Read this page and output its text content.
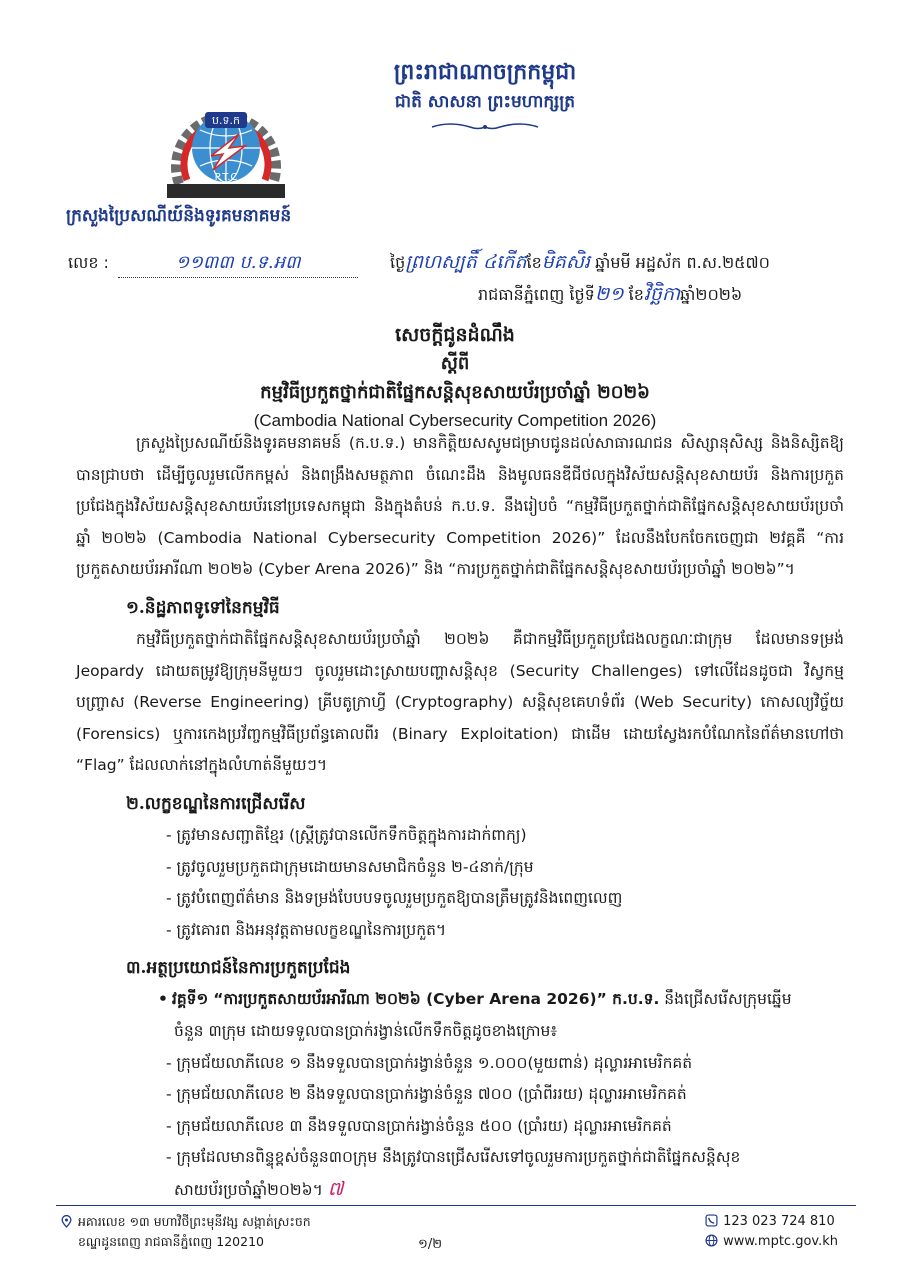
ប.ទ.ក
P.T.C
ព្រះរាជាណាចក្រកម្ពុជា
ជាតិ សាសនា ព្រះមហាក្សត្រ
ក្រសួងប្រៃសណីយ៍និងទូរគមនាគមន៍
លេខ :	១១៣៣ ប.ទ.អ៣	ថ្ងៃព្រហស្បតិ៍ ៤កើតខែមិគសិរ ឆ្នាំមមី អដ្ឋស័ក ព.ស.២៥៧០
រាជធានីភ្នំពេញ ថ្ងៃទី២១ ខែវិច្ឆិកាឆ្នាំ២០២៦
សេចក្ដីជូនដំណឹង
ស្ដីពី
កម្មវិធីប្រកួតថ្នាក់ជាតិផ្នែកសន្តិសុខសាយប័រប្រចាំឆ្នាំ ២០២៦
(Cambodia National Cybersecurity Competition 2026)

ក្រសួងប្រៃសណីយ៍និងទូរគមនាគមន៍ (ក.ប.ទ.) មានកិត្តិយសសូមជម្រាបជូនដល់សាធារណជន សិស្សានុសិស្ស និងនិស្សិតឱ្យបានជ្រាបថា ដើម្បីចូលរួមលើកកម្ពស់ និងពង្រឹងសមត្ថភាព ចំណេះដឹង និងមូលធនឌីជីថលក្នុងវិស័យសន្តិសុខសាយប័រ និងការប្រកួតប្រជែងក្នុងវិស័យសន្តិសុខសាយប័រនៅប្រទេសកម្ពុជា និងក្នុងតំបន់ ក.ប.ទ. នឹងរៀបចំ “កម្មវិធីប្រកួតថ្នាក់ជាតិផ្នែកសន្តិសុខសាយប័រប្រចាំឆ្នាំ ២០២៦ (Cambodia National Cybersecurity Competition 2026)” ដែលនឹងបែកចែកចេញជា ២វគ្គគឺ “ការប្រកួតសាយប័រអារីណា ២០២៦ (Cyber Arena 2026)” និង “ការប្រកួតថ្នាក់ជាតិផ្នែកសន្តិសុខសាយប័រប្រចាំឆ្នាំ ២០២៦”។

១.និដ្ឋភាពទូទៅនៃកម្មវិធី

កម្មវិធីប្រកួតថ្នាក់ជាតិផ្នែកសន្តិសុខសាយប័រប្រចាំឆ្នាំ ២០២៦ គឺជាកម្មវិធីប្រកួតប្រជែងលក្ខណៈជាក្រុម ដែលមានទម្រង់ Jeopardy ដោយតម្រូវឱ្យក្រុមនីមួយៗ ចូលរួមដោះស្រាយបញ្ហាសន្តិសុខ (Security Challenges) ទៅលើដែនដូចជា វិស្វកម្មបញ្ច្រាស (Reverse Engineering) គ្រីបតូក្រាហ្វី (Cryptography) សន្តិសុខគេហទំព័រ (Web Security) កោសល្យវិច្ច័យ (Forensics) ឬការកេងប្រវ័ញ្ចកម្មវិធីប្រព័ន្ធគោលពីរ (Binary Exploitation) ជាដើម ដោយស្វែងរកបំណែកនៃព័ត៌មានហៅថា “Flag” ដែលលាក់នៅក្នុងលំហាត់នីមួយៗ។

២.លក្ខខណ្ឌនៃការជ្រើសរើស
- ត្រូវមានសញ្ជាតិខ្មែរ (ស្ត្រីត្រូវបានលើកទឹកចិត្តក្នុងការដាក់ពាក្យ)
- ត្រូវចូលរួមប្រកួតជាក្រុមដោយមានសមាជិកចំនួន ២-៤នាក់/ក្រុម
- ត្រូវបំពេញព័ត៌មាន និងទម្រង់បែបបទចូលរួមប្រកួតឱ្យបានត្រឹមត្រូវនិងពេញលេញ
- ត្រូវគោរព និងអនុវត្តតាមលក្ខខណ្ឌនៃការប្រកួត។
៣.អត្ថប្រយោជន៍នៃការប្រកួតប្រជែង
• វគ្គទី១ “ការប្រកួតសាយប័រអារីណា ២០២៦ (Cyber Arena 2026)” ក.ប.ទ. នឹងជ្រើសរើសក្រុមឆ្នើម
ចំនួន ៣ក្រុម ដោយទទួលបានប្រាក់រង្វាន់លើកទឹកចិត្តដូចខាងក្រោម៖
- ក្រុមជ័យលាភីលេខ ១ នឹងទទួលបានប្រាក់រង្វាន់ចំនួន ១.០០០(មួយពាន់) ដុល្លារអាមេរិកគត់
- ក្រុមជ័យលាភីលេខ ២ នឹងទទួលបានប្រាក់រង្វាន់ចំនួន ៧០០ (ប្រាំពីររយ) ដុល្លារអាមេរិកគត់
- ក្រុមជ័យលាភីលេខ ៣ នឹងទទួលបានប្រាក់រង្វាន់ចំនួន ៥០០ (ប្រាំរយ) ដុល្លារអាមេរិកគត់
- ក្រុមដែលមានពិន្ទុខ្ពស់ចំនួន៣០ក្រុម នឹងត្រូវបានជ្រើសរើសទៅចូលរួមការប្រកួតថ្នាក់ជាតិផ្នែកសន្តិសុខ
សាយប័រប្រចាំឆ្នាំ២០២៦។ ៧
អគារលេខ ១៣ មហាវិថីព្រះមុនីវង្ស សង្កាត់ស្រះចក
ខណ្ឌដូនពេញ រាជធានីភ្នំពេញ 120210	១/២
123 023 724 810
www.mptc.gov.kh
